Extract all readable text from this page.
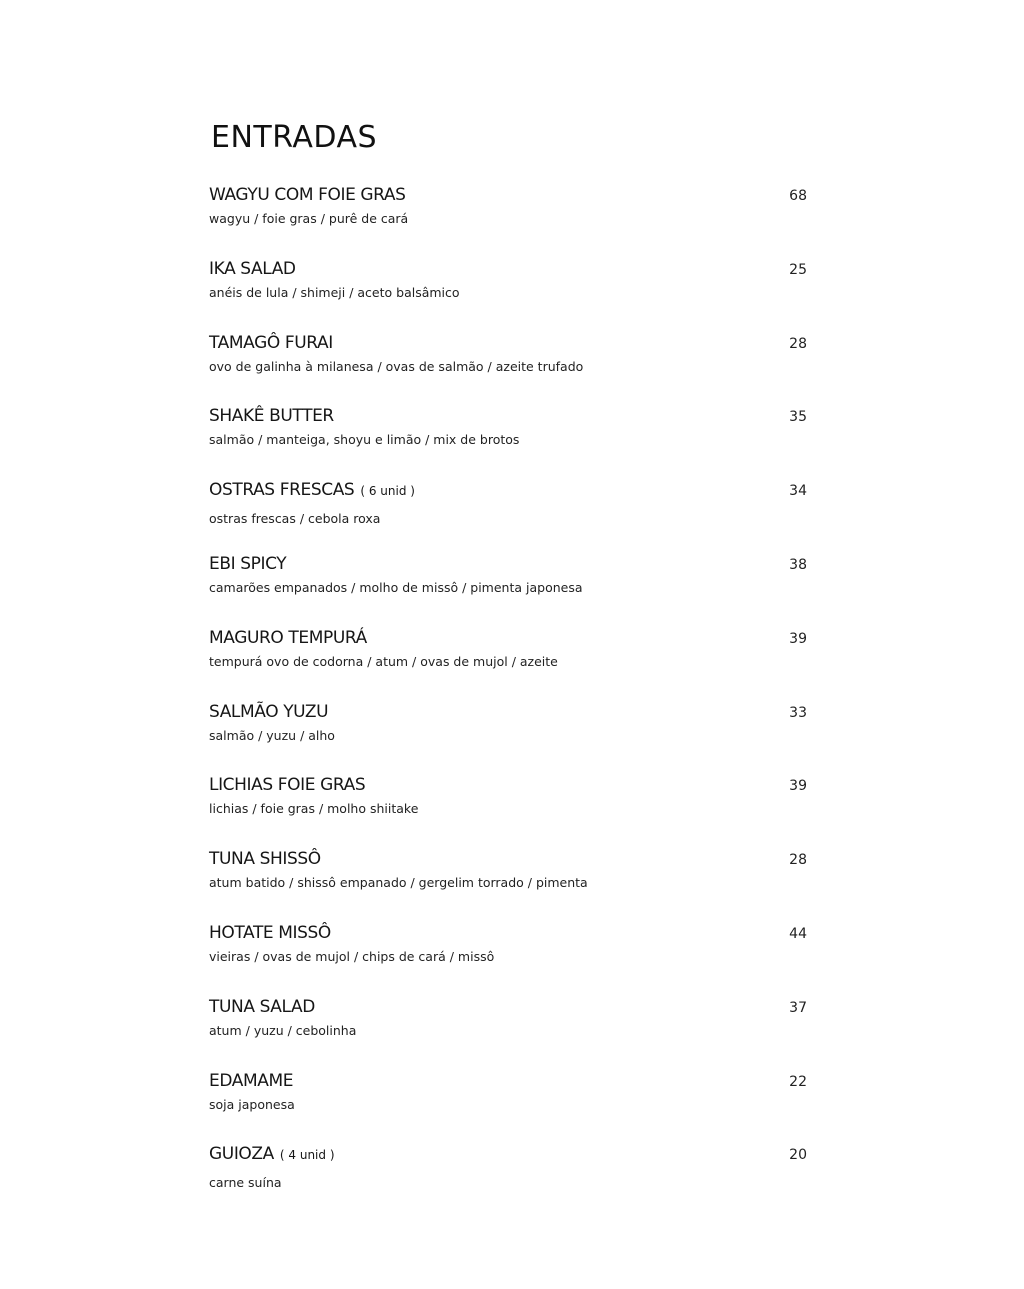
ENTRADAS
WAGYU COM FOIE GRAS
wagyu / foie gras / purê de cará
68
IKA SALAD
anéis de lula / shimeji / aceto balsâmico
25
TAMAGÔ FURAI
ovo de galinha à milanesa / ovas de salmão / azeite trufado
28
SHAKÊ BUTTER
salmão / manteiga, shoyu e limão / mix de brotos
35
OSTRAS FRESCAS ( 6 unid )
ostras frescas / cebola roxa
34
EBI SPICY
camarões empanados / molho de missô / pimenta japonesa
38
MAGURO TEMPURÁ
tempurá ovo de codorna / atum / ovas de mujol / azeite
39
SALMÃO YUZU
salmão / yuzu / alho
33
LICHIAS FOIE GRAS
lichias / foie gras / molho shiitake
39
TUNA SHISSÔ
atum batido / shissô empanado / gergelim torrado / pimenta
28
HOTATE MISSÔ
vieiras / ovas de mujol / chips de cará / missô
44
TUNA SALAD
atum / yuzu / cebolinha
37
EDAMAME
soja japonesa
22
GUIOZA ( 4 unid )
carne suína
20
